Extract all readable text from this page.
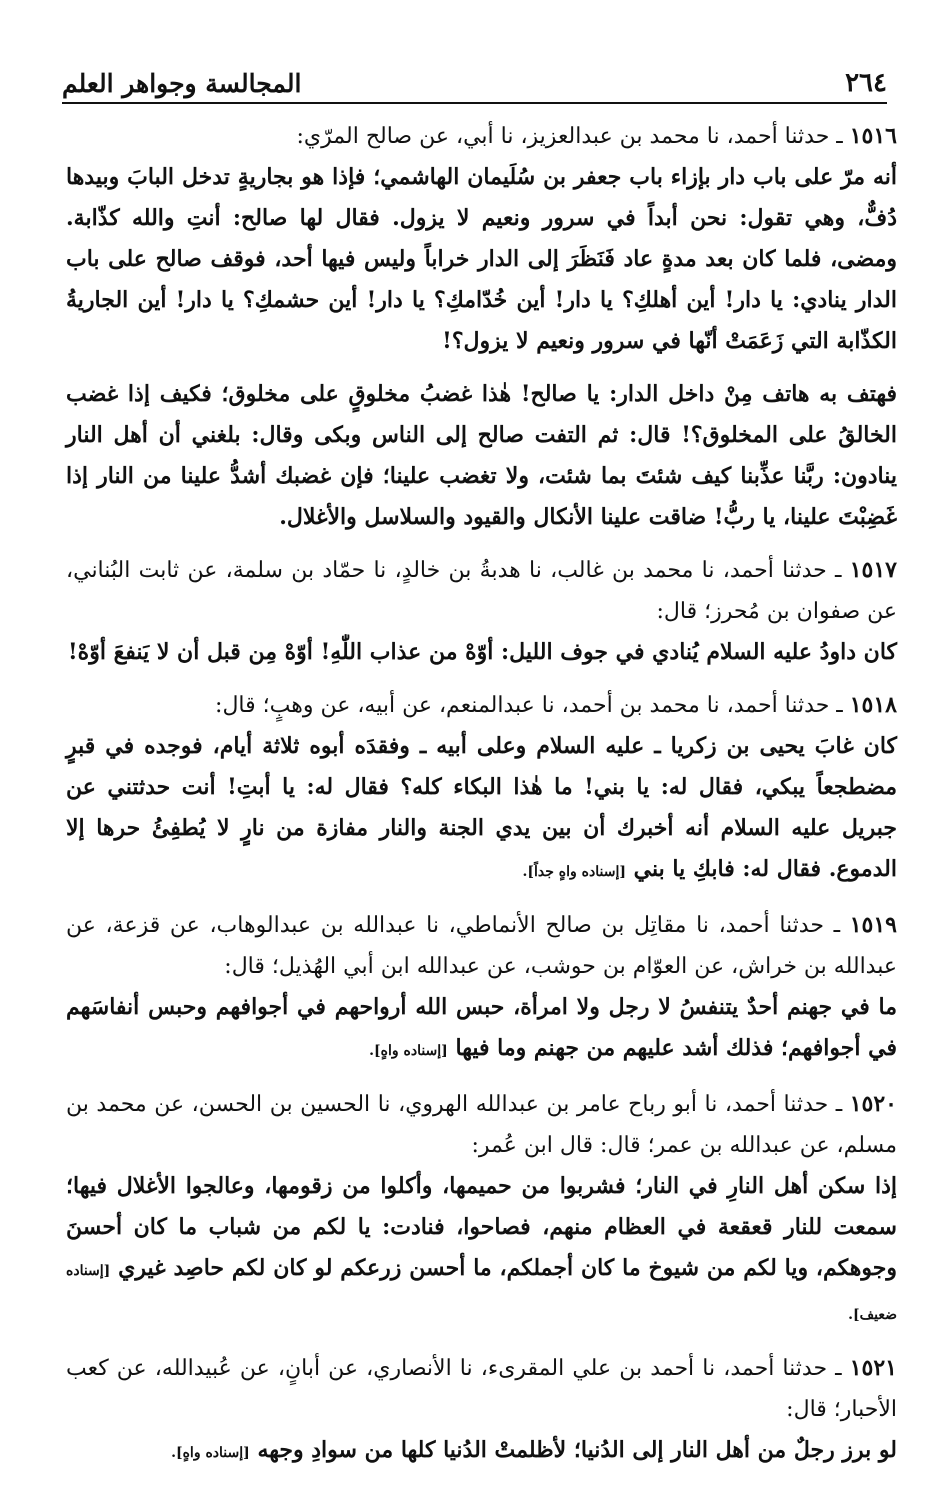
٢٦٤
المجالسة وجواهر العلم

١٥١٦ ـ حدثنا أحمد، نا محمد بن عبدالعزيز، نا أبي، عن صالح المرّي:

أنه مرّ على باب دار بإزاء باب جعفر بن سُلَيمان الهاشمي؛ فإذا هو بجاريةٍ تدخل البابَ وبيدها دُفٌّ، وهي تقول: نحن أبداً في سرور ونعيم لا يزول. فقال لها صالح: أنتِ والله كذّابة. ومضى، فلما كان بعد مدةٍ عاد فَنَظَرَ إلى الدار خراباً وليس فيها أحد، فوقف صالح على باب الدار ينادي: يا دار! أين أهلكِ؟ يا دار! أين خُدّامكِ؟ يا دار! أين حشمكِ؟ يا دار! أين الجاريةُ الكذّابة التي زَعَمَتْ أنّها في سرور ونعيم لا يزول؟!

فهتف به هاتف مِنْ داخل الدار: يا صالح! هٰذا غضبُ مخلوقٍ على مخلوق؛ فكيف إذا غضب الخالقُ على المخلوق؟! قال: ثم التفت صالح إلى الناس وبكى وقال: بلغني أن أهل النار ينادون: ربَّنا عذِّبنا كيف شئتَ بما شئت، ولا تغضب علينا؛ فإن غضبك أشدُّ علينا من النار إذا غَضِبْتَ علينا، يا ربُّ! ضاقت علينا الأنكال والقيود والسلاسل والأغلال.

١٥١٧ ـ حدثنا أحمد، نا محمد بن غالب، نا هدبةُ بن خالدٍ، نا حمّاد بن سلمة، عن ثابت البُناني، عن صفوان بن مُحرز؛ قال:

كان داودُ عليه السلام يُنادي في جوف الليل: أوّهْ من عذاب اللّٰهِ! أوّهْ مِن قبل أن لا يَنفعَ أوّهْ!

١٥١٨ ـ حدثنا أحمد، نا محمد بن أحمد، نا عبدالمنعم، عن أبيه، عن وهبٍ؛ قال:

كان غابَ يحيى بن زكريا ـ عليه السلام وعلى أبيه ـ وفقدَه أبوه ثلاثة أيام، فوجده في قبرٍ مضطجعاً يبكي، فقال له: يا بني! ما هٰذا البكاء كله؟ فقال له: يا أبتِ! أنت حدثتني عن جبريل عليه السلام أنه أخبرك أن بين يدي الجنة والنار مفازة من نارٍ لا يُطفِئُ حرها إلا الدموع. فقال له: فابكِ يا بني [إسناده واهٍ جداً].

١٥١٩ ـ حدثنا أحمد، نا مقاتِل بن صالح الأنماطي، نا عبدالله بن عبدالوهاب، عن قزعة، عن عبدالله بن خراش، عن العوّام بن حوشب، عن عبدالله ابن أبي الهُذيل؛ قال:

ما في جهنم أحدٌ يتنفسُ لا رجل ولا امرأة، حبس الله أرواحهم في أجوافهم وحبس أنفاسَهم في أجوافهم؛ فذلك أشد عليهم من جهنم وما فيها [إسناده واهٍ].

١٥٢٠ ـ حدثنا أحمد، نا أبو رباح عامر بن عبدالله الهروي، نا الحسين بن الحسن، عن محمد بن مسلم، عن عبدالله بن عمر؛ قال: قال ابن عُمر:

إذا سكن أهل النارِ في النار؛ فشربوا من حميمها، وأكلوا من زقومها، وعالجوا الأغلال فيها؛ سمعت للنار قعقعة في العظام منهم، فصاحوا، فنادت: يا لكم من شباب ما كان أحسنَ وجوهكم، ويا لكم من شيوخ ما كان أجملكم، ما أحسن زرعكم لو كان لكم حاصِد غيري [إسناده ضعيف].

١٥٢١ ـ حدثنا أحمد، نا أحمد بن علي المقرىء، نا الأنصاري، عن أبانٍ، عن عُبيدالله، عن كعب الأحبار؛ قال:

لو برز رجلٌ من أهل النار إلى الدُنيا؛ لأظلمتْ الدُنيا كلها من سوادِ وجهه [إسناده واهٍ].
